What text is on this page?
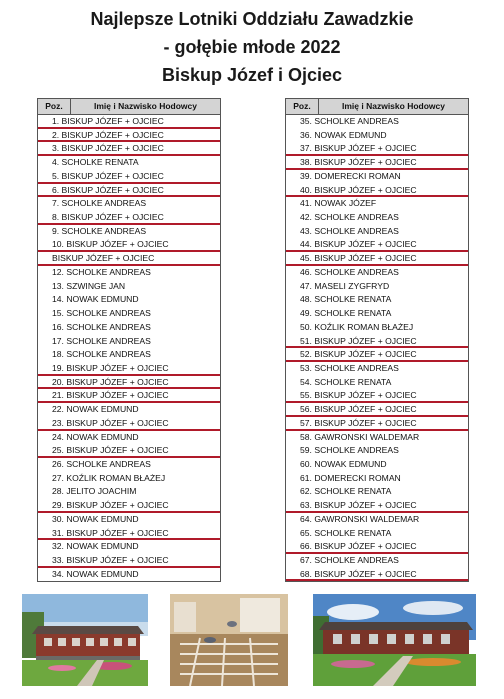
Najlepsze Lotniki Oddziału Zawadzkie
- gołębie młode 2022
Biskup Józef i Ojciec
Poz.	Imię i Nazwisko Hodowcy
1. BISKUP JÓZEF + OJCIEC
2. BISKUP JÓZEF + OJCIEC
3. BISKUP JÓZEF + OJCIEC
4. SCHOLKE RENATA
5. BISKUP JÓZEF + OJCIEC
6. BISKUP JÓZEF + OJCIEC
7. SCHOLKE ANDREAS
8. BISKUP JÓZEF + OJCIEC
9. SCHOLKE ANDREAS
10. BISKUP JÓZEF + OJCIEC
BISKUP JÓZEF + OJCIEC
12. SCHOLKE ANDREAS
13. SZWINGE JAN
14. NOWAK EDMUND
15. SCHOLKE ANDREAS
16. SCHOLKE ANDREAS
17. SCHOLKE ANDREAS
18. SCHOLKE ANDREAS
19. BISKUP JÓZEF + OJCIEC
20. BISKUP JÓZEF + OJCIEC
21. BISKUP JÓZEF + OJCIEC
22. NOWAK EDMUND
23. BISKUP JÓZEF + OJCIEC
24. NOWAK EDMUND
25. BISKUP JÓZEF + OJCIEC
26. SCHOLKE ANDREAS
27. KOŹLIK ROMAN BŁAŻEJ
28. JELITO JOACHIM
29. BISKUP JÓZEF + OJCIEC
30. NOWAK EDMUND
31. BISKUP JÓZEF + OJCIEC
32. NOWAK EDMUND
33. BISKUP JÓZEF + OJCIEC
34. NOWAK EDMUND
Poz.	Imię i Nazwisko Hodowcy
35. SCHOLKE ANDREAS
36. NOWAK EDMUND
37. BISKUP JÓZEF + OJCIEC
38. BISKUP JÓZEF + OJCIEC
39. DOMERECKI ROMAN
40. BISKUP JÓZEF + OJCIEC
41. NOWAK JÓZEF
42. SCHOLKE ANDREAS
43. SCHOLKE ANDREAS
44. BISKUP JÓZEF + OJCIEC
45. BISKUP JÓZEF + OJCIEC
46. SCHOLKE ANDREAS
47. MASELI ZYGFRYD
48. SCHOLKE RENATA
49. SCHOLKE RENATA
50. KOŹLIK ROMAN BŁAŻEJ
51. BISKUP JÓZEF + OJCIEC
52. BISKUP JÓZEF + OJCIEC
53. SCHOLKE ANDREAS
54. SCHOLKE RENATA
55. BISKUP JÓZEF + OJCIEC
56. BISKUP JÓZEF + OJCIEC
57. BISKUP JÓZEF + OJCIEC
58. GAWRONSKI WALDEMAR
59. SCHOLKE ANDREAS
60. NOWAK EDMUND
61. DOMERECKI ROMAN
62. SCHOLKE RENATA
63. BISKUP JÓZEF + OJCIEC
64. GAWRONSKI WALDEMAR
65. SCHOLKE RENATA
66. BISKUP JÓZEF + OJCIEC
67. SCHOLKE ANDREAS
68. BISKUP JÓZEF + OJCIEC
